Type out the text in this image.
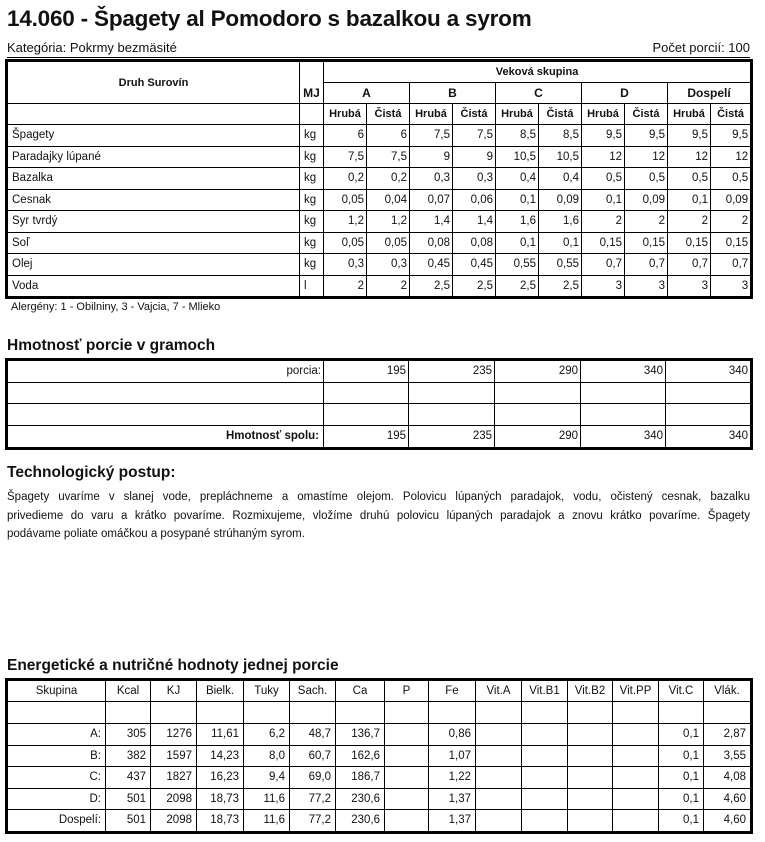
14.060 - Špagety al Pomodoro s bazalkou a syrom
Kategória: Pokrmy bezmäsité	Počet porcií: 100
Druh Surovín		Veková skupina									
	MJ	A		B		C		D		Dospelí	
		Hrubá	Čistá	Hrubá	Čistá	Hrubá	Čistá	Hrubá	Čistá	Hrubá	Čistá
Špagety	kg	6	6	7,5	7,5	8,5	8,5	9,5	9,5	9,5	9,5
Paradajky lúpané	kg	7,5	7,5	9	9	10,5	10,5	12	12	12	12
Bazalka	kg	0,2	0,2	0,3	0,3	0,4	0,4	0,5	0,5	0,5	0,5
Cesnak	kg	0,05	0,04	0,07	0,06	0,1	0,09	0,1	0,09	0,1	0,09
Syr tvrdý	kg	1,2	1,2	1,4	1,4	1,6	1,6	2	2	2	2
Soľ	kg	0,05	0,05	0,08	0,08	0,1	0,1	0,15	0,15	0,15	0,15
Olej	kg	0,3	0,3	0,45	0,45	0,55	0,55	0,7	0,7	0,7	0,7
Voda	l	2	2	2,5	2,5	2,5	2,5	3	3	3	3
Alergény: 1 - Obilniny, 3 - Vajcia, 7 - Mlieko
Hmotnosť porcie v gramoch
porcia:	195	235	290	340	340

Hmotnosť spolu:	195	235	290	340	340
Technologický postup:
Špagety uvaríme v slanej vode, prepláchneme a omastíme olejom. Polovicu lúpaných paradajok, vodu, očistený cesnak, bazalku
privedieme do varu a krátko povaríme. Rozmixujeme, vložíme druhú polovicu lúpaných paradajok a znovu krátko povaríme. Špagety
podávame poliate omáčkou a posypané strúhaným syrom.
Energetické a nutričné hodnoty jednej porcie
Skupina	Kcal	KJ	Bielk.	Tuky	Sach.	Ca	P	Fe	Vit.A	Vit.B1	Vit.B2	Vit.PP	Vit.C	Vlák.

A:	305	1276	11,61	6,2	48,7	136,7		0,86					0,1	2,87
B:	382	1597	14,23	8,0	60,7	162,6		1,07					0,1	3,55
C:	437	1827	16,23	9,4	69,0	186,7		1,22					0,1	4,08
D:	501	2098	18,73	11,6	77,2	230,6		1,37					0,1	4,60
Dospelí:	501	2098	18,73	11,6	77,2	230,6		1,37					0,1	4,60
